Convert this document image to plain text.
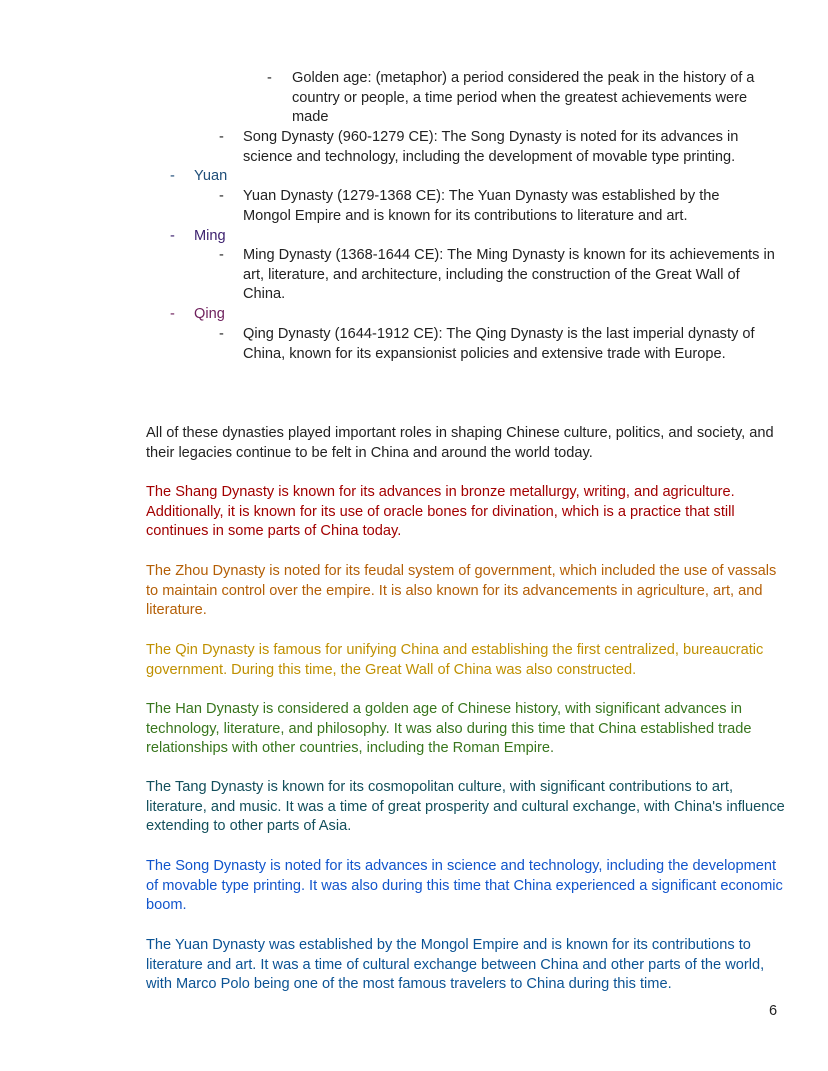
- Golden age: (metaphor) a period considered the peak in the history of a country or people, a time period when the greatest achievements were made
- Song Dynasty (960-1279 CE): The Song Dynasty is noted for its advances in science and technology, including the development of movable type printing.
- Yuan
- Yuan Dynasty (1279-1368 CE): The Yuan Dynasty was established by the Mongol Empire and is known for its contributions to literature and art.
- Ming
- Ming Dynasty (1368-1644 CE): The Ming Dynasty is known for its achievements in art, literature, and architecture, including the construction of the Great Wall of China.
- Qing
- Qing Dynasty (1644-1912 CE): The Qing Dynasty is the last imperial dynasty of China, known for its expansionist policies and extensive trade with Europe.

All of these dynasties played important roles in shaping Chinese culture, politics, and society, and their legacies continue to be felt in China and around the world today.

The Shang Dynasty is known for its advances in bronze metallurgy, writing, and agriculture. Additionally, it is known for its use of oracle bones for divination, which is a practice that still continues in some parts of China today.

The Zhou Dynasty is noted for its feudal system of government, which included the use of vassals to maintain control over the empire. It is also known for its advancements in agriculture, art, and literature.

The Qin Dynasty is famous for unifying China and establishing the first centralized, bureaucratic government. During this time, the Great Wall of China was also constructed.

The Han Dynasty is considered a golden age of Chinese history, with significant advances in technology, literature, and philosophy. It was also during this time that China established trade relationships with other countries, including the Roman Empire.

The Tang Dynasty is known for its cosmopolitan culture, with significant contributions to art, literature, and music. It was a time of great prosperity and cultural exchange, with China's influence extending to other parts of Asia.

The Song Dynasty is noted for its advances in science and technology, including the development of movable type printing. It was also during this time that China experienced a significant economic boom.

The Yuan Dynasty was established by the Mongol Empire and is known for its contributions to literature and art. It was a time of cultural exchange between China and other parts of the world, with Marco Polo being one of the most famous travelers to China during this time.

6
